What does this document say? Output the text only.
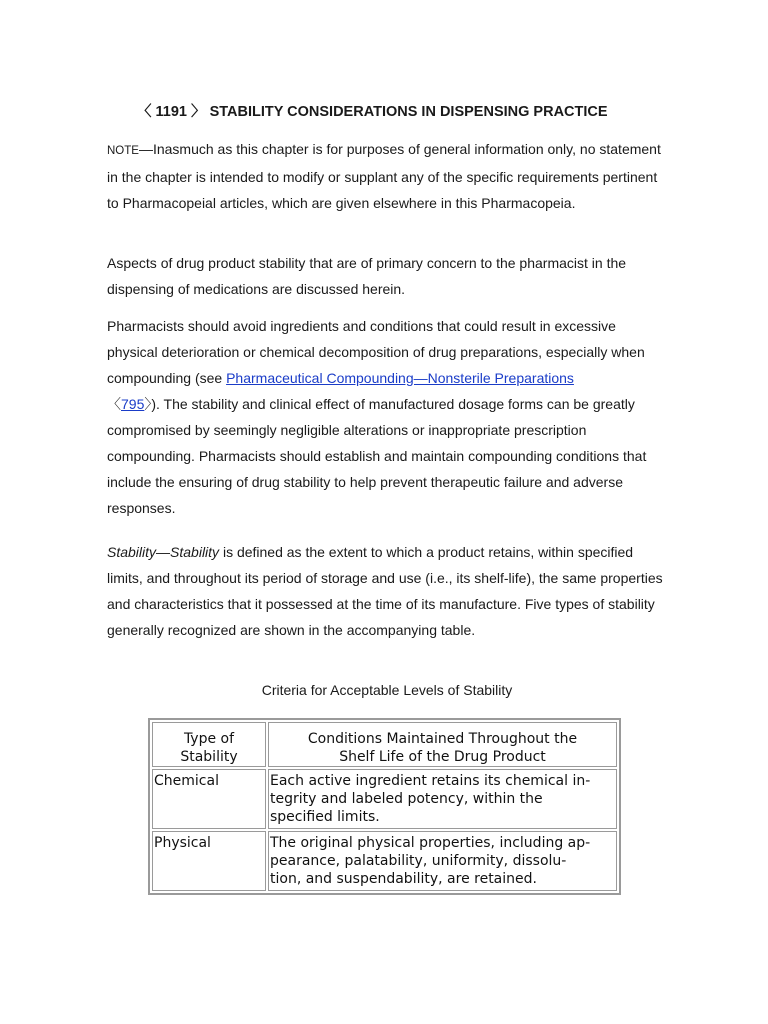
〈 1191 〉 STABILITY CONSIDERATIONS IN DISPENSING PRACTICE

NOTE—Inasmuch as this chapter is for purposes of general information only, no statement in the chapter is intended to modify or supplant any of the specific requirements pertinent to Pharmacopeial articles, which are given elsewhere in this Pharmacopeia.

Aspects of drug product stability that are of primary concern to the pharmacist in the dispensing of medications are discussed herein.

Pharmacists should avoid ingredients and conditions that could result in excessive physical deterioration or chemical decomposition of drug preparations, especially when compounding (see Pharmaceutical Compounding—Nonsterile Preparations
〈795〉). The stability and clinical effect of manufactured dosage forms can be greatly compromised by seemingly negligible alterations or inappropriate prescription compounding. Pharmacists should establish and maintain compounding conditions that include the ensuring of drug stability to help prevent therapeutic failure and adverse responses.

Stability—Stability is defined as the extent to which a product retains, within specified limits, and throughout its period of storage and use (i.e., its shelf-life), the same properties and characteristics that it possessed at the time of its manufacture. Five types of stability generally recognized are shown in the accompanying table.

Criteria for Acceptable Levels of Stability
Type of
Stability	Conditions Maintained Throughout the
Shelf Life of the Drug Product
Chemical	Each active ingredient retains its chemical in-
tegrity and labeled potency, within the
specified limits.
Physical	The original physical properties, including ap-
pearance, palatability, uniformity, dissolu-
tion, and suspendability, are retained.
